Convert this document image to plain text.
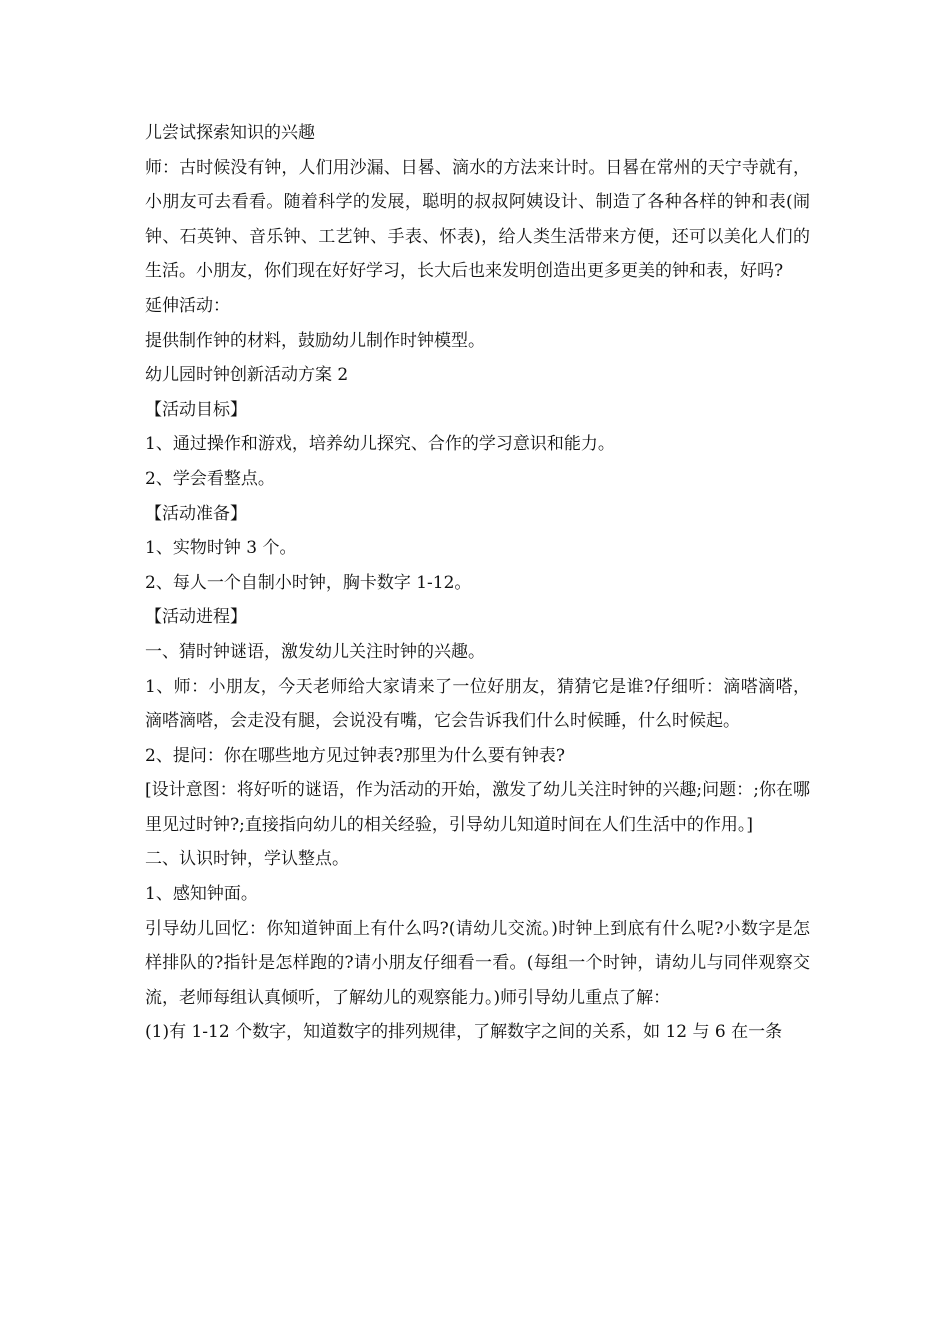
儿尝试探索知识的兴趣

师：古时候没有钟，人们用沙漏、日晷、滴水的方法来计时。日晷在常州的天宁寺就有，小朋友可去看看。随着科学的发展，聪明的叔叔阿姨设计、制造了各种各样的钟和表(闹钟、石英钟、音乐钟、工艺钟、手表、怀表)，给人类生活带来方便，还可以美化人们的生活。小朋友，你们现在好好学习，长大后也来发明创造出更多更美的钟和表，好吗?

延伸活动：

提供制作钟的材料，鼓励幼儿制作时钟模型。

幼儿园时钟创新活动方案 2

【活动目标】

1、通过操作和游戏，培养幼儿探究、合作的学习意识和能力。

2、学会看整点。

【活动准备】

1、实物时钟 3 个。

2、每人一个自制小时钟，胸卡数字 1-12。

【活动进程】

一、猜时钟谜语，激发幼儿关注时钟的兴趣。

1、师：小朋友，今天老师给大家请来了一位好朋友，猜猜它是谁?仔细听：滴嗒滴嗒，滴嗒滴嗒，会走没有腿，会说没有嘴，它会告诉我们什么时候睡，什么时候起。

2、提问：你在哪些地方见过钟表?那里为什么要有钟表?

[设计意图：将好听的谜语，作为活动的开始，激发了幼儿关注时钟的兴趣;问题：;你在哪里见过时钟?;直接指向幼儿的相关经验，引导幼儿知道时间在人们生活中的作用。]

二、认识时钟，学认整点。

1、感知钟面。

引导幼儿回忆：你知道钟面上有什么吗?(请幼儿交流。)时钟上到底有什么呢?小数字是怎样排队的?指针是怎样跑的?请小朋友仔细看一看。(每组一个时钟，请幼儿与同伴观察交流，老师每组认真倾听，了解幼儿的观察能力。)师引导幼儿重点了解：

(1)有 1-12 个数字，知道数字的排列规律，了解数字之间的关系，如 12 与 6 在一条
